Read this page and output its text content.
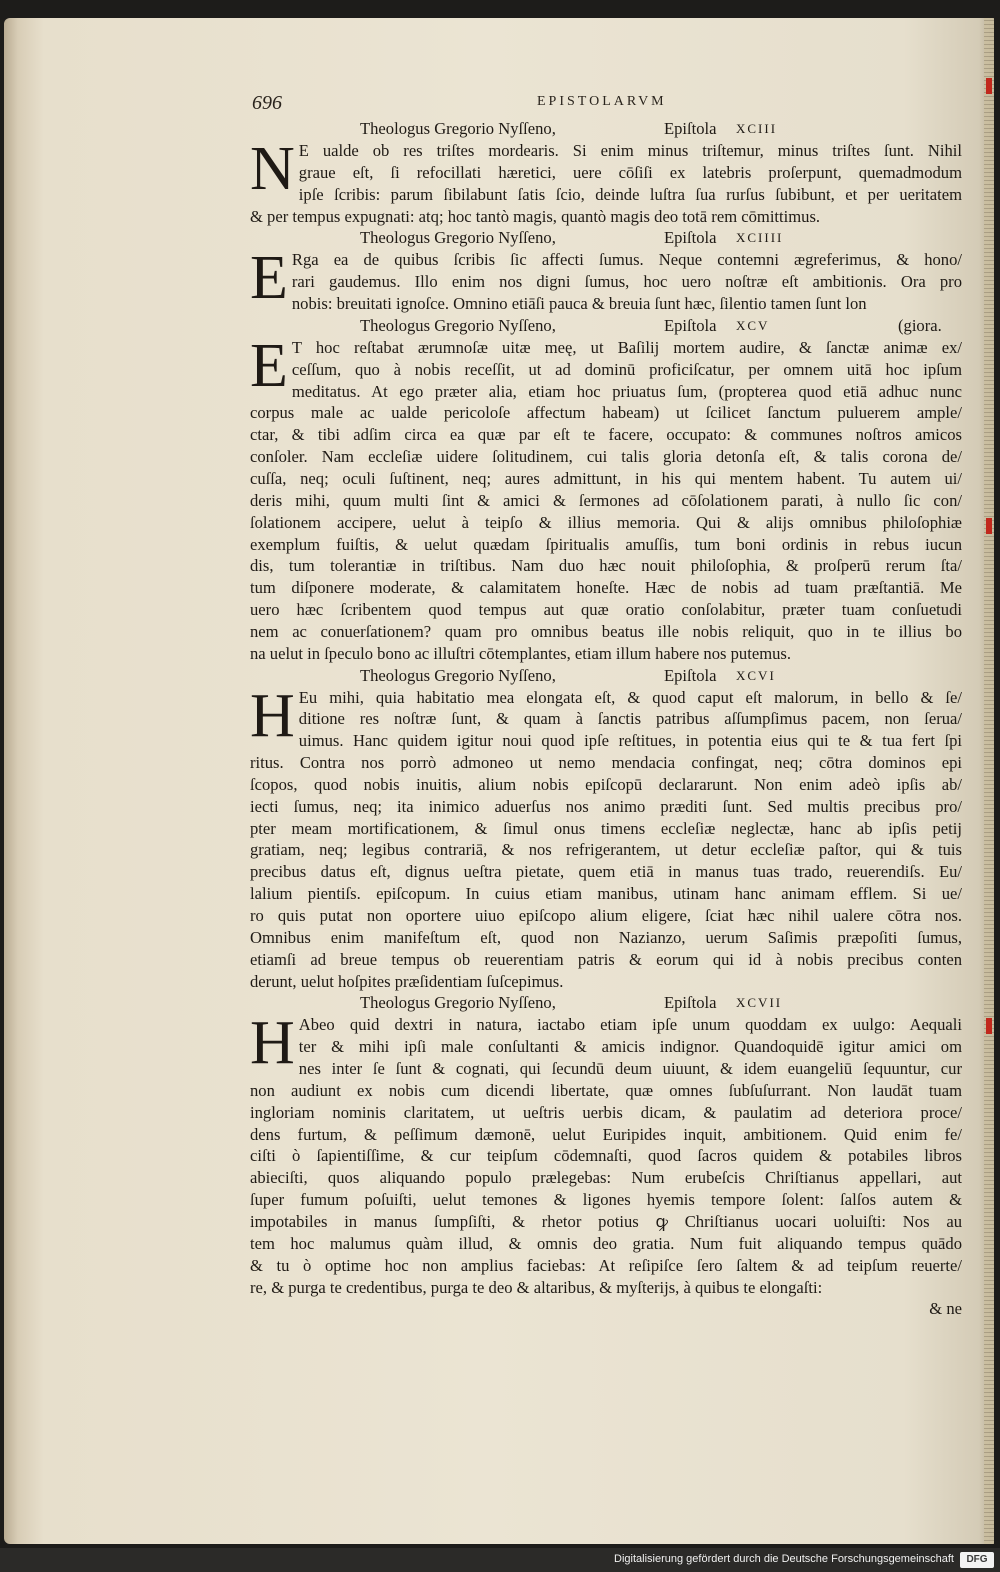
696	EPISTOLARVM
Theologus Gregorio Nyſſeno,	Epiſtola XCIII
N E ualde ob res triſtes mordearis. Si enim minus triſtemur, minus triſtes ſunt. Nihil
graue eſt, ſi refocillati hæretici, uere cōſiſi ex latebris proſerpunt, quemadmodum
ipſe ſcribis: parum ſibilabunt ſatis ſcio, deinde luſtra ſua rurſus ſubibunt, et per ueritatem
& per tempus expugnati: atq; hoc tantò magis, quantò magis deo totā rem cōmittimus.
Theologus Gregorio Nyſſeno,	Epiſtola XCIIII
E Rga ea de quibus ſcribis ſic affecti ſumus. Neque contemni ægreferimus, & hono/
rari gaudemus. Illo enim nos digni ſumus, hoc uero noſtræ eſt ambitionis. Ora pro
nobis: breuitati ignoſce. Omnino etiāſi pauca & breuia ſunt hæc, ſilentio tamen ſunt lon
Theologus Gregorio Nyſſeno,	Epiſtola XCV	(giora.
E T hoc reſtabat ærumnoſæ uitæ meę, ut Baſilij mortem audire, & ſanctæ animæ ex/
ceſſum, quo à nobis receſſit, ut ad dominū proficiſcatur, per omnem uitā hoc ipſum
meditatus. At ego præter alia, etiam hoc priuatus ſum, (propterea quod etiā adhuc nunc
corpus male ac ualde pericoloſe affectum habeam) ut ſcilicet ſanctum puluerem ample/
ctar, & tibi adſim circa ea quæ par eſt te facere, occupato: & communes noſtros amicos
conſoler. Nam eccleſiæ uidere ſolitudinem, cui talis gloria detonſa eſt, & talis corona de/
cuſſa, neq; oculi ſuſtinent, neq; aures admittunt, in his qui mentem habent. Tu autem ui/
deris mihi, quum multi ſint & amici & ſermones ad cōſolationem parati, à nullo ſic con/
ſolationem accipere, uelut à teipſo & illius memoria. Qui & alijs omnibus philoſophiæ
exemplum fuiſtis, & uelut quædam ſpiritualis amuſſis, tum boni ordinis in rebus iucun
dis, tum tolerantiæ in triſtibus. Nam duo hæc nouit philoſophia, & proſperū rerum ſta/
tum diſponere moderate, & calamitatem honeſte. Hæc de nobis ad tuam præſtantiā. Me
uero hæc ſcribentem quod tempus aut quæ oratio conſolabitur, præter tuam conſuetudi
nem ac conuerſationem? quam pro omnibus beatus ille nobis reliquit, quo in te illius bo
na uelut in ſpeculo bono ac illuſtri cōtemplantes, etiam illum habere nos putemus.
Theologus Gregorio Nyſſeno,	Epiſtola XCVI
H Eu mihi, quia habitatio mea elongata eſt, & quod caput eſt malorum, in bello & ſe/
ditione res noſtræ ſunt, & quam à ſanctis patribus aſſumpſimus pacem, non ſerua/
uimus. Hanc quidem igitur noui quod ipſe reſtitues, in potentia eius qui te & tua fert ſpi
ritus. Contra nos porrò admoneo ut nemo mendacia confingat, neq; cōtra dominos epi
ſcopos, quod nobis inuitis, alium nobis epiſcopū declararunt. Non enim adeò ipſis ab/
iecti ſumus, neq; ita inimico aduerſus nos animo præditi ſunt. Sed multis precibus pro/
pter meam mortificationem, & ſimul onus timens eccleſiæ neglectæ, hanc ab ipſis petij
gratiam, neq; legibus contrariā, & nos refrigerantem, ut detur eccleſiæ paſtor, qui & tuis
precibus datus eſt, dignus ueſtra pietate, quem etiā in manus tuas trado, reuerendiſs. Eu/
lalium pientiſs. epiſcopum. In cuius etiam manibus, utinam hanc animam efflem. Si ue/
ro quis putat non oportere uiuo epiſcopo alium eligere, ſciat hæc nihil ualere cōtra nos.
Omnibus enim manifeſtum eſt, quod non Nazianzo, uerum Saſimis præpoſiti ſumus,
etiamſi ad breue tempus ob reuerentiam patris & eorum qui id à nobis precibus conten
derunt, uelut hoſpites præſidentiam ſuſcepimus.
Theologus Gregorio Nyſſeno,	Epiſtola XCVII
H Abeo quid dextri in natura, iactabo etiam ipſe unum quoddam ex uulgo: Aequali
ter & mihi ipſi male conſultanti & amicis indignor. Quandoquidē igitur amici om
nes inter ſe ſunt & cognati, qui ſecundū deum uiuunt, & idem euangeliū ſequuntur, cur
non audiunt ex nobis cum dicendi libertate, quæ omnes ſubſuſurrant. Non laudāt tuam
ingloriam nominis claritatem, ut ueſtris uerbis dicam, & paulatim ad deteriora proce/
dens furtum, & peſſimum dæmonē, uelut Euripides inquit, ambitionem. Quid enim fe/
ciſti ò ſapientiſſime, & cur teipſum cōdemnaſti, quod ſacros quidem & potabiles libros
abieciſti, quos aliquando populo prælegebas: Num erubeſcis Chriſtianus appellari, aut
ſuper fumum poſuiſti, uelut temones & ligones hyemis tempore ſolent: ſalſos autem &
impotabiles in manus ſumpſiſti, & rhetor potius ꝙ Chriſtianus uocari uoluiſti: Nos au
tem hoc malumus quàm illud, & omnis deo gratia. Num fuit aliquando tempus quādo
& tu ò optime hoc non amplius faciebas: At reſipiſce ſero ſaltem & ad teipſum reuerte/
re, & purga te credentibus, purga te deo & altaribus, & myſterijs, à quibus te elongaſti:
& ne
Digitalisierung gefördert durch die Deutsche Forschungsgemeinschaft	DFG
